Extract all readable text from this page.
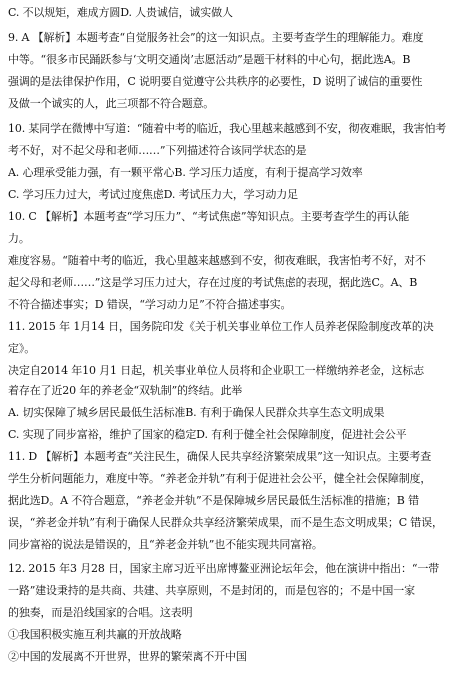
C. 不以规矩，难成方圆D. 人贵诚信，诚实做人
9. A 【解析】本题考查“自觉服务社会”的这一知识点。主要考查学生的理解能力。难度
中等。“很多市民踊跃参与‘文明交通岗’志愿活动”是题干材料的中心句，据此选A。B
强调的是法律保护作用，C 说明要自觉遵守公共秩序的必要性，D 说明了诚信的重要性
及做一个诚实的人，此三项都不符合题意。
10. 某同学在微博中写道：“随着中考的临近，我心里越来越感到不安，彻夜难眠，我害怕考
考不好，对不起父母和老师……”下列描述符合该同学状态的是
A. 心理承受能力强，有一颗平常心B. 学习压力适度，有利于提高学习效率
C. 学习压力过大，考试过度焦虑D. 考试压力大，学习动力足
10. C 【解析】本题考查“学习压力”、“考试焦虑”等知识点。主要考查学生的再认能
力。
难度容易。“随着中考的临近，我心里越来越感到不安，彻夜难眠，我害怕考不好，对不
起父母和老师……”这是学习压力过大，存在过度的考试焦虑的表现，据此选C。A、B
不符合描述事实；D 错误，“学习动力足”不符合描述事实。
11. 2015 年 1月14 日，国务院印发《关于机关事业单位工作人员养老保险制度改革的决
定》。
决定自2014 年10 月1 日起，机关事业单位人员将和企业职工一样缴纳养老金，这标志
着存在了近20 年的养老金“双轨制”的终结。此举
A. 切实保障了城乡居民最低生活标准B. 有利于确保人民群众共享生态文明成果
C. 实现了同步富裕，维护了国家的稳定D. 有利于健全社会保障制度，促进社会公平
11. D 【解析】本题考查“关注民生，确保人民共享经济繁荣成果”这一知识点。主要考查
学生分析问题能力，难度中等。“养老金并轨”有利于促进社会公平，健全社会保障制度，
据此选D。A 不符合题意，“养老金并轨”不是保障城乡居民最低生活标准的措施；B 错
误，“养老金并轨”有利于确保人民群众共享经济繁荣成果，而不是生态文明成果；C 错误，
同步富裕的说法是错误的，且“养老金并轨”也不能实现共同富裕。
12. 2015 年3 月28 日，国家主席习近平出席博鳌亚洲论坛年会，他在演讲中指出：“一带
一路”建设秉持的是共商、共建、共享原则，不是封闭的，而是包容的；不是中国一家
的独奏，而是沿线国家的合唱。这表明
①我国积极实施互利共赢的开放战略
②中国的发展离不开世界，世界的繁荣离不开中国
